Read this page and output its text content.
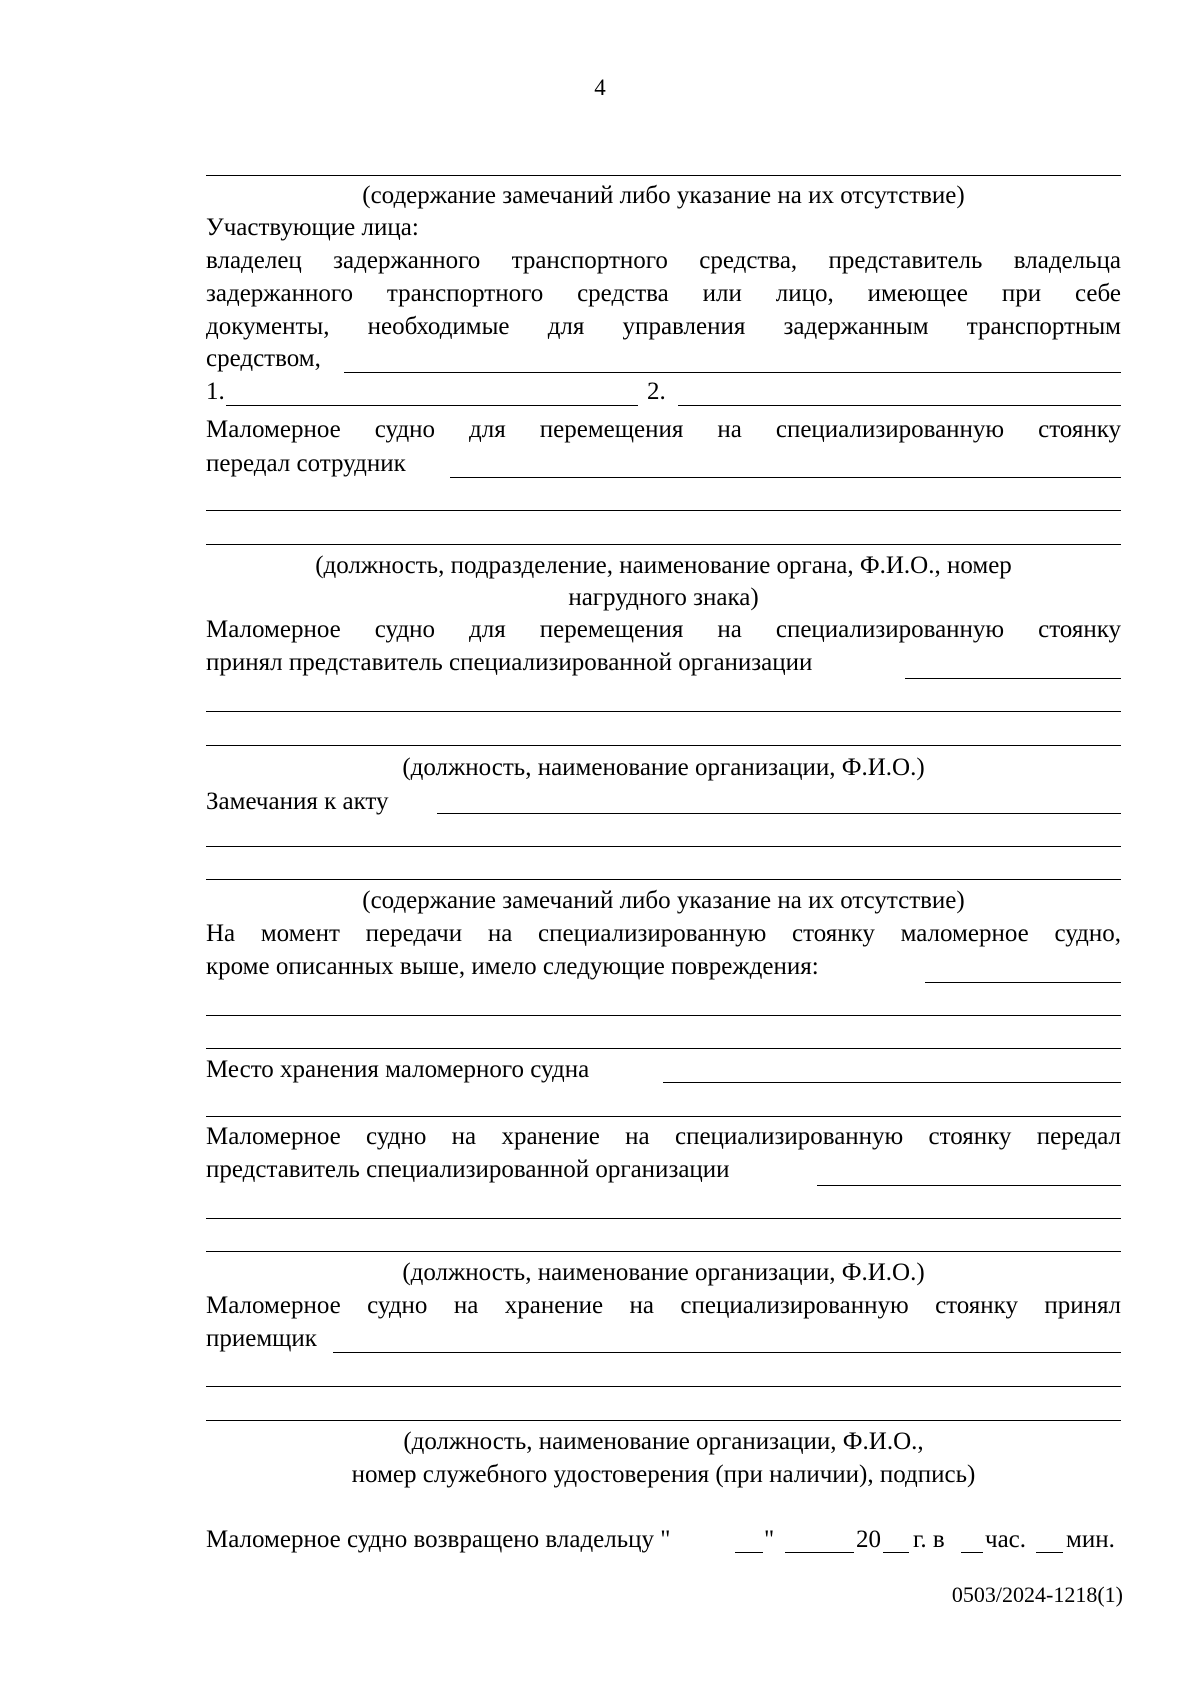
4
(содержание замечаний либо указание на их отсутствие)
Участвующие лица:
владелец задержанного транспортного средства, представитель владельца
задержанного транспортного средства или лицо, имеющее при себе
документы, необходимые для управления задержанным транспортным
средством,
1.	2.
Маломерное судно для перемещения на специализированную стоянку
передал сотрудник
(должность, подразделение, наименование органа, Ф.И.О., номер
нагрудного знака)
Маломерное судно для перемещения на специализированную стоянку
принял представитель специализированной организации
(должность, наименование организации, Ф.И.О.)
Замечания к акту
(содержание замечаний либо указание на их отсутствие)
На момент передачи на специализированную стоянку маломерное судно,
кроме описанных выше, имело следующие повреждения:
Место хранения маломерного судна
Маломерное судно на хранение на специализированную стоянку передал
представитель специализированной организации
(должность, наименование организации, Ф.И.О.)
Маломерное судно на хранение на специализированную стоянку принял
приемщик
(должность, наименование организации, Ф.И.О.,
номер служебного удостоверения (при наличии), подпись)
Маломерное судно возвращено владельцу "	"	20 г. в час. мин.
0503/2024-1218(1)
